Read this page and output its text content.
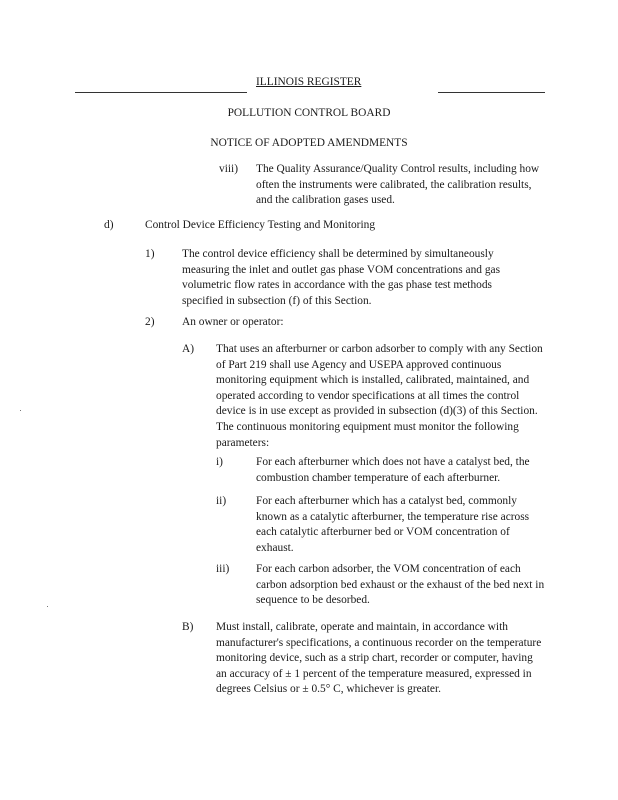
ILLINOIS REGISTER
POLLUTION CONTROL BOARD
NOTICE OF ADOPTED AMENDMENTS
viii) The Quality Assurance/Quality Control results, including how often the instruments were calibrated, the calibration results, and the calibration gases used.
d)	Control Device Efficiency Testing and Monitoring
1) The control device efficiency shall be determined by simultaneously measuring the inlet and outlet gas phase VOM concentrations and gas volumetric flow rates in accordance with the gas phase test methods specified in subsection (f) of this Section.
2) An owner or operator:
A) That uses an afterburner or carbon adsorber to comply with any Section of Part 219 shall use Agency and USEPA approved continuous monitoring equipment which is installed, calibrated, maintained, and operated according to vendor specifications at all times the control device is in use except as provided in subsection (d)(3) of this Section. The continuous monitoring equipment must monitor the following parameters:
i)	For each afterburner which does not have a catalyst bed, the combustion chamber temperature of each afterburner.
ii)	For each afterburner which has a catalyst bed, commonly known as a catalytic afterburner, the temperature rise across each catalytic afterburner bed or VOM concentration of exhaust.
iii) For each carbon adsorber, the VOM concentration of each carbon adsorption bed exhaust or the exhaust of the bed next in sequence to be desorbed.
B) Must install, calibrate, operate and maintain, in accordance with manufacturer's specifications, a continuous recorder on the temperature monitoring device, such as a strip chart, recorder or computer, having an accuracy of ± 1 percent of the temperature measured, expressed in degrees Celsius or ± 0.5° C, whichever is greater.
